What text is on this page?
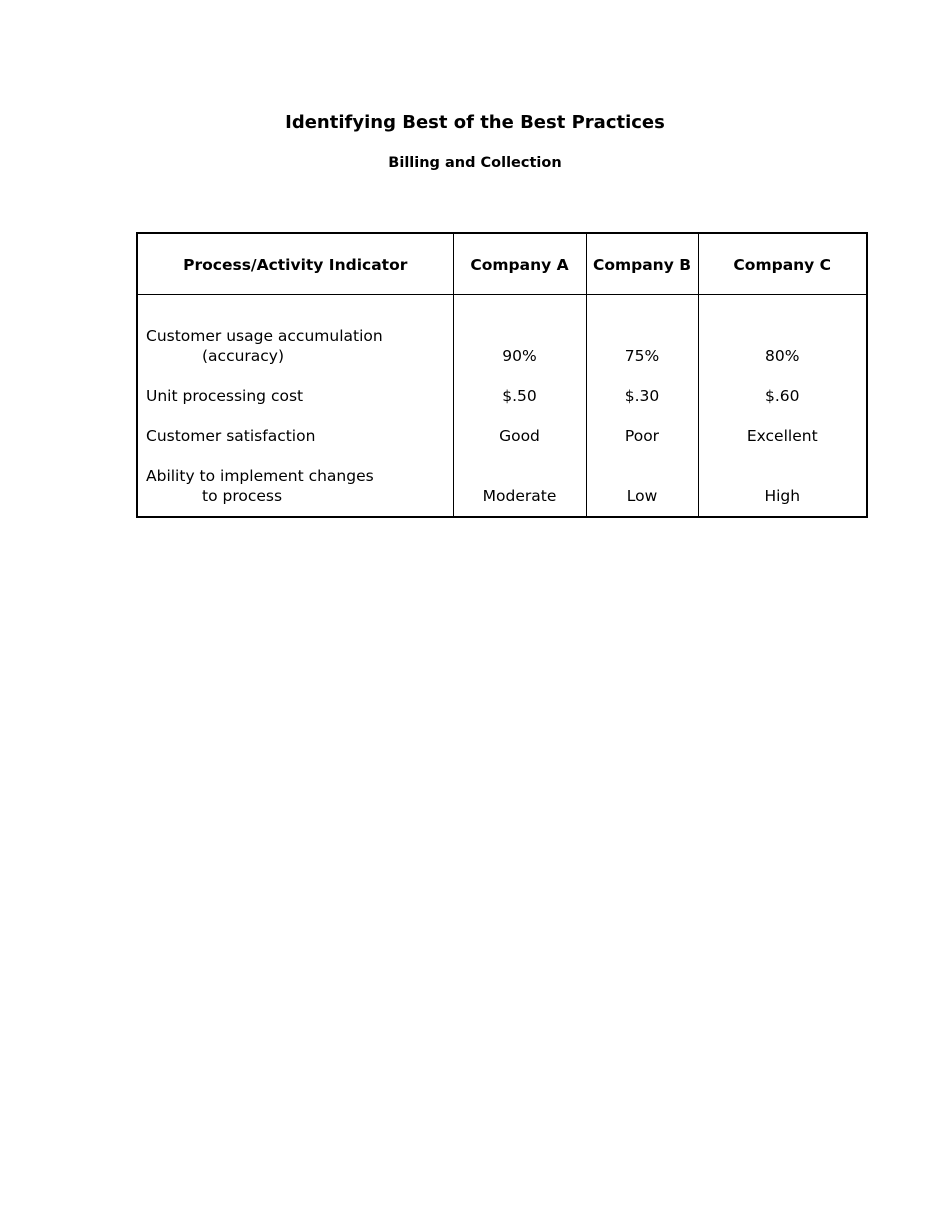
Identifying Best of the Best Practices
Billing and Collection
Process/Activity Indicator	Company A	Company B	Company C

Customer usage accumulation
(accuracy)	90%	75%	80%

Unit processing cost	$.50	$.30	$.60

Customer satisfaction	Good	Poor	Excellent

Ability to implement changes
to process	Moderate	Low	High
